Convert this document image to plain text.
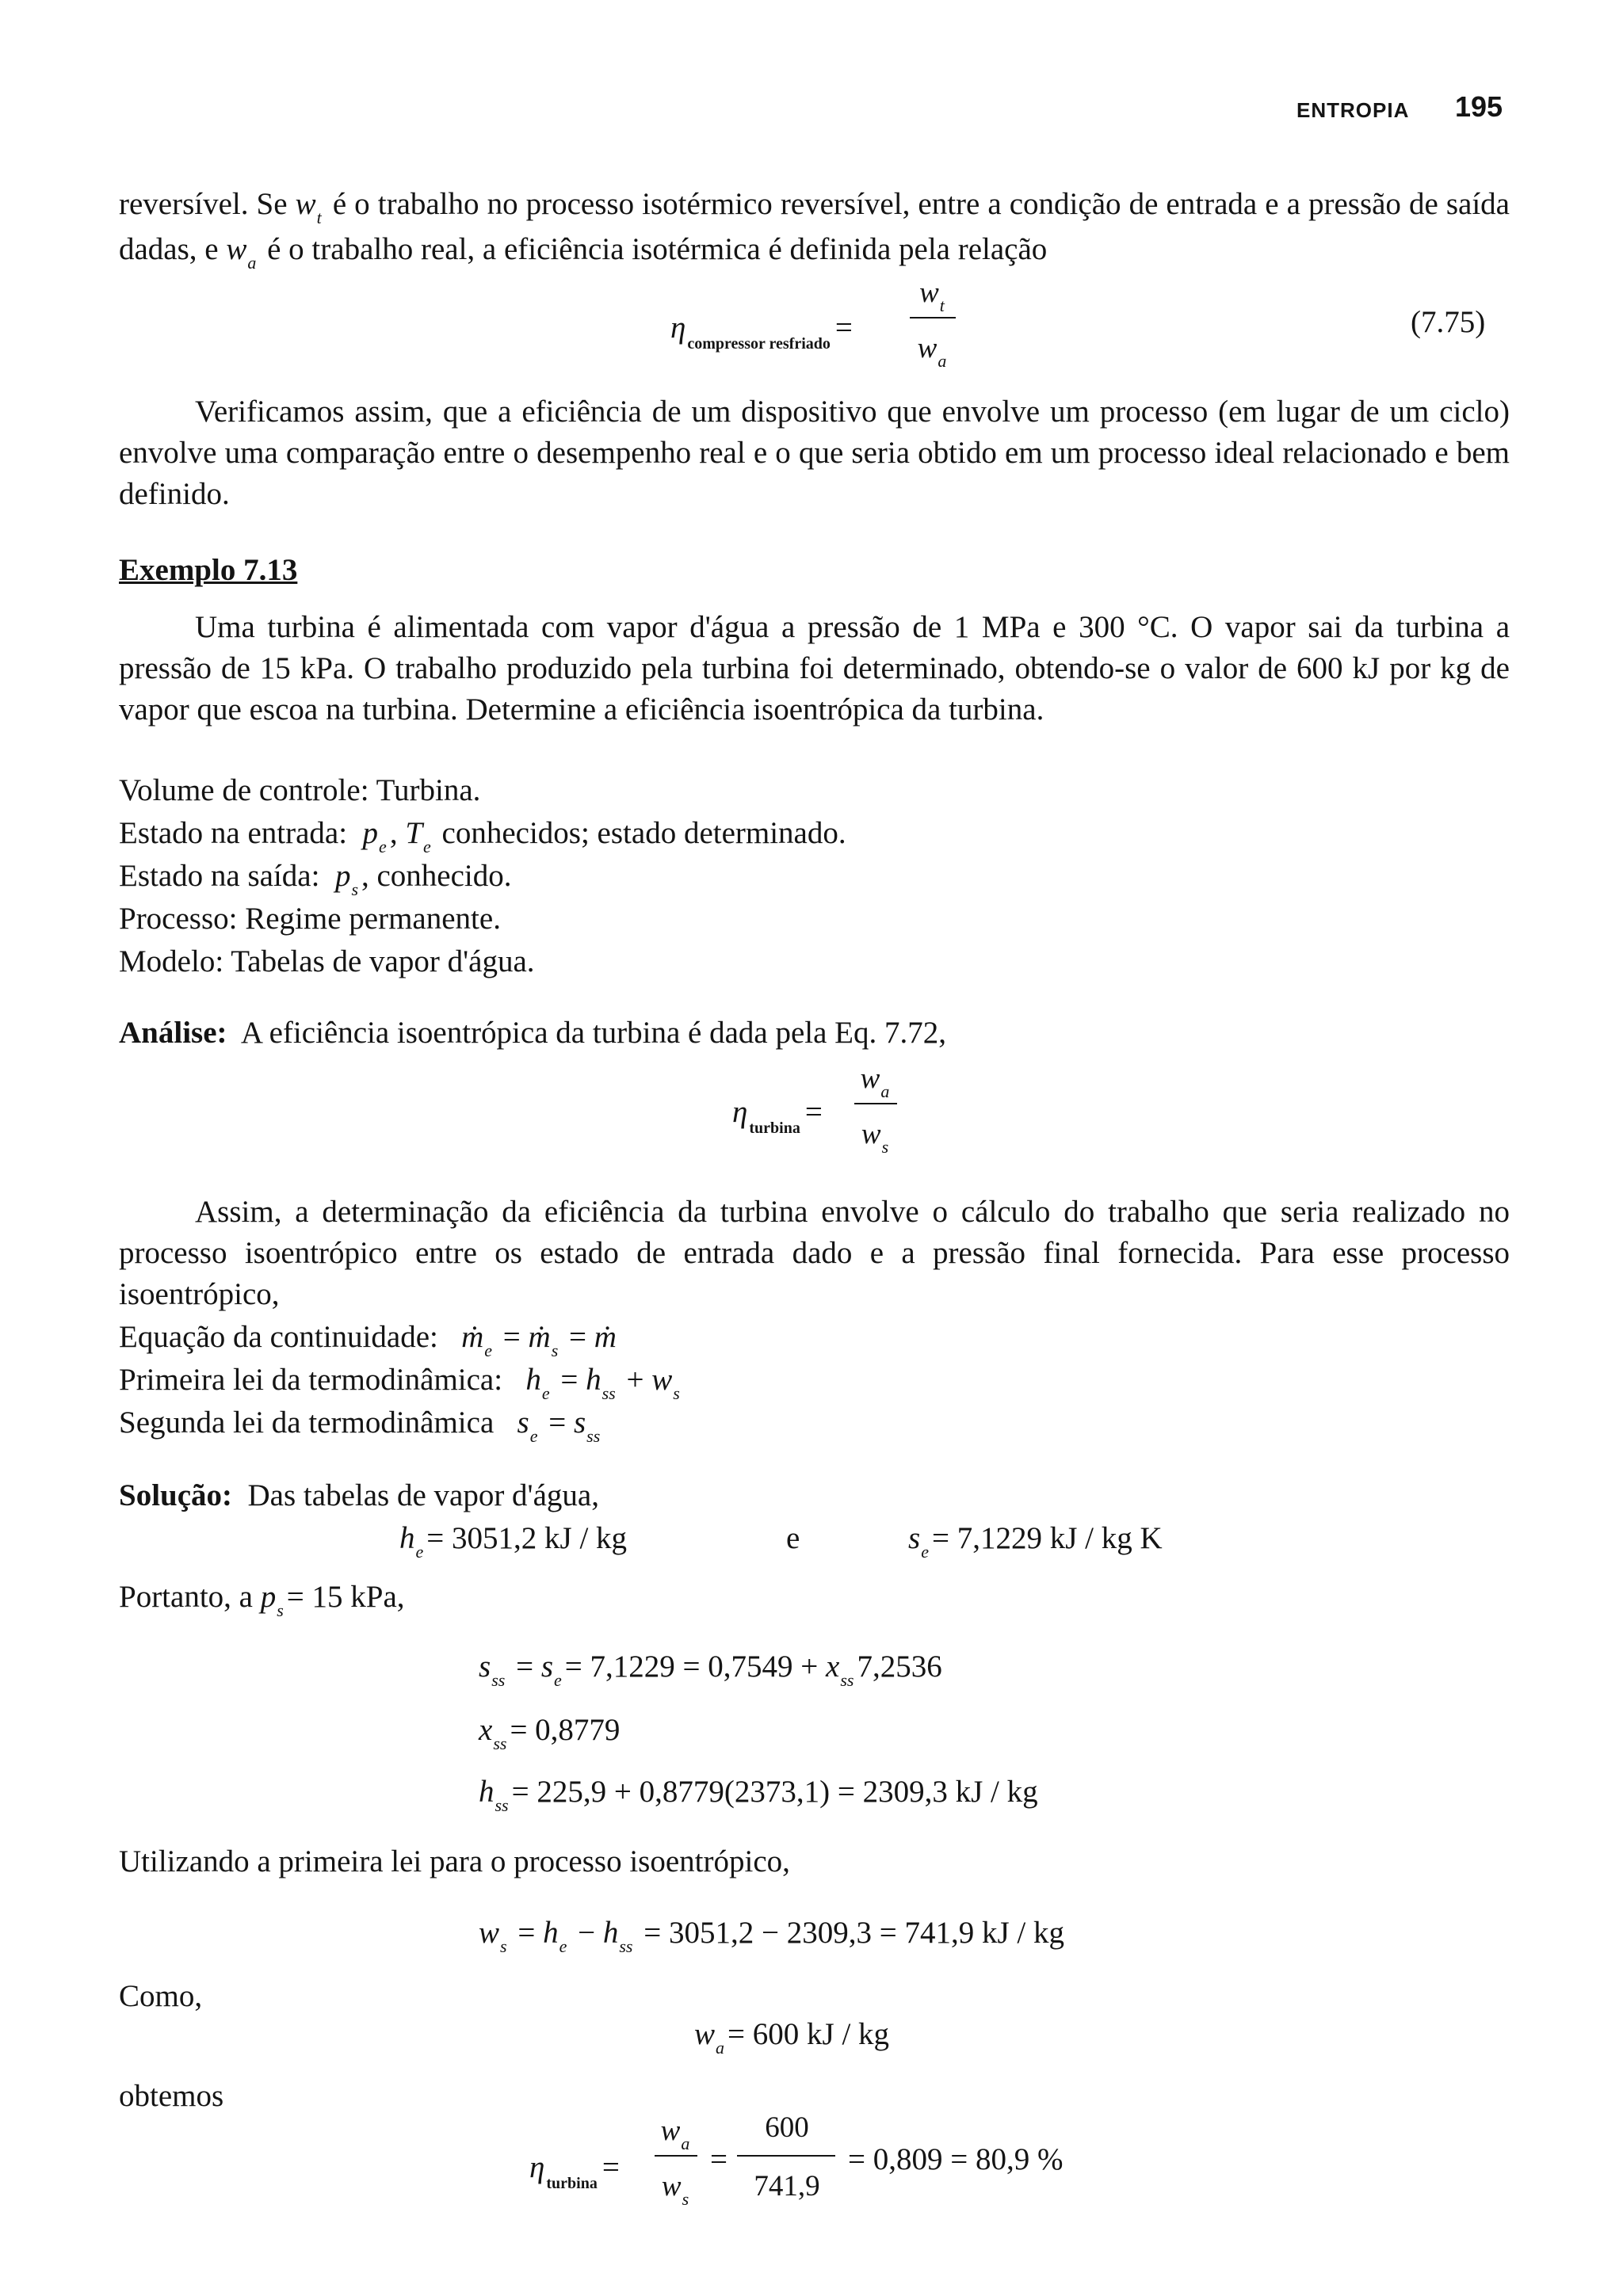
ENTROPIA 195
reversível. Se $w_t$ é o trabalho no processo isotérmico reversível, entre a condição de entrada e a pressão de saída dadas, e $w_a$ é o trabalho real, a eficiência isotérmica é definida pela relação
η $_{compressor resfriado}$ =
$w_t$
$w_a$
(7.75)
Verificamos assim, que a eficiência de um dispositivo que envolve um processo (em lugar de um ciclo) envolve uma comparação entre o desempenho real e o que seria obtido em um processo ideal relacionado e bem definido.
Exemplo 7.13
Uma turbina é alimentada com vapor d'água a pressão de 1 MPa e 300 °C. O vapor sai da turbina a pressão de 15 kPa. O trabalho produzido pela turbina foi determinado, obtendo-se o valor de 600 kJ por kg de vapor que escoa na turbina. Determine a eficiência isoentrópica da turbina.
Volume de controle: Turbina.
Estado na entrada: $p_e$ , $T_e$ conhecidos; estado determinado.
Estado na saída: $p_s$ , conhecido.
Processo: Regime permanente.
Modelo: Tabelas de vapor d'água.
Análise: A eficiência isoentrópica da turbina é dada pela Eq. 7.72,
η $_{turbina}$ =
$w_a$
$w_s$
Assim, a determinação da eficiência da turbina envolve o cálculo do trabalho que seria realizado no processo isoentrópico entre os estado de entrada dado e a pressão final fornecida. Para esse processo isoentrópico,
Equação da continuidade: ṁ$_e$ = ṁ$_s$ = ṁ
Primeira lei da termodinâmica: $h_e = h_{ss} + w_s$
Segunda lei da termodinâmica $s_e = s_{ss}$
Solução: Das tabelas de vapor d'água,
$h_e = 3051,2$ kJ / kg	e	$s_e = 7,1229$ kJ / kg K
Portanto, a $p_s = 15$ kPa,
$s_{ss} = s_e = 7,1229 = 0,7549 + x_{ss}$ 7,2536
$x_{ss} = 0,8779$
$h_{ss} = 225,9 + 0,8779(2373,1) = 2309,3$ kJ / kg
Utilizando a primeira lei para o processo isoentrópico,
$w_s = h_e - h_{ss} = 3051,2 - 2309,3 = 741,9$ kJ / kg
Como,
$w_a = 600$ kJ / kg
obtemos
η $_{turbina}$ =
$w_a$
$w_s$
=
600
741,9
= 0,809 = 80,9 %
